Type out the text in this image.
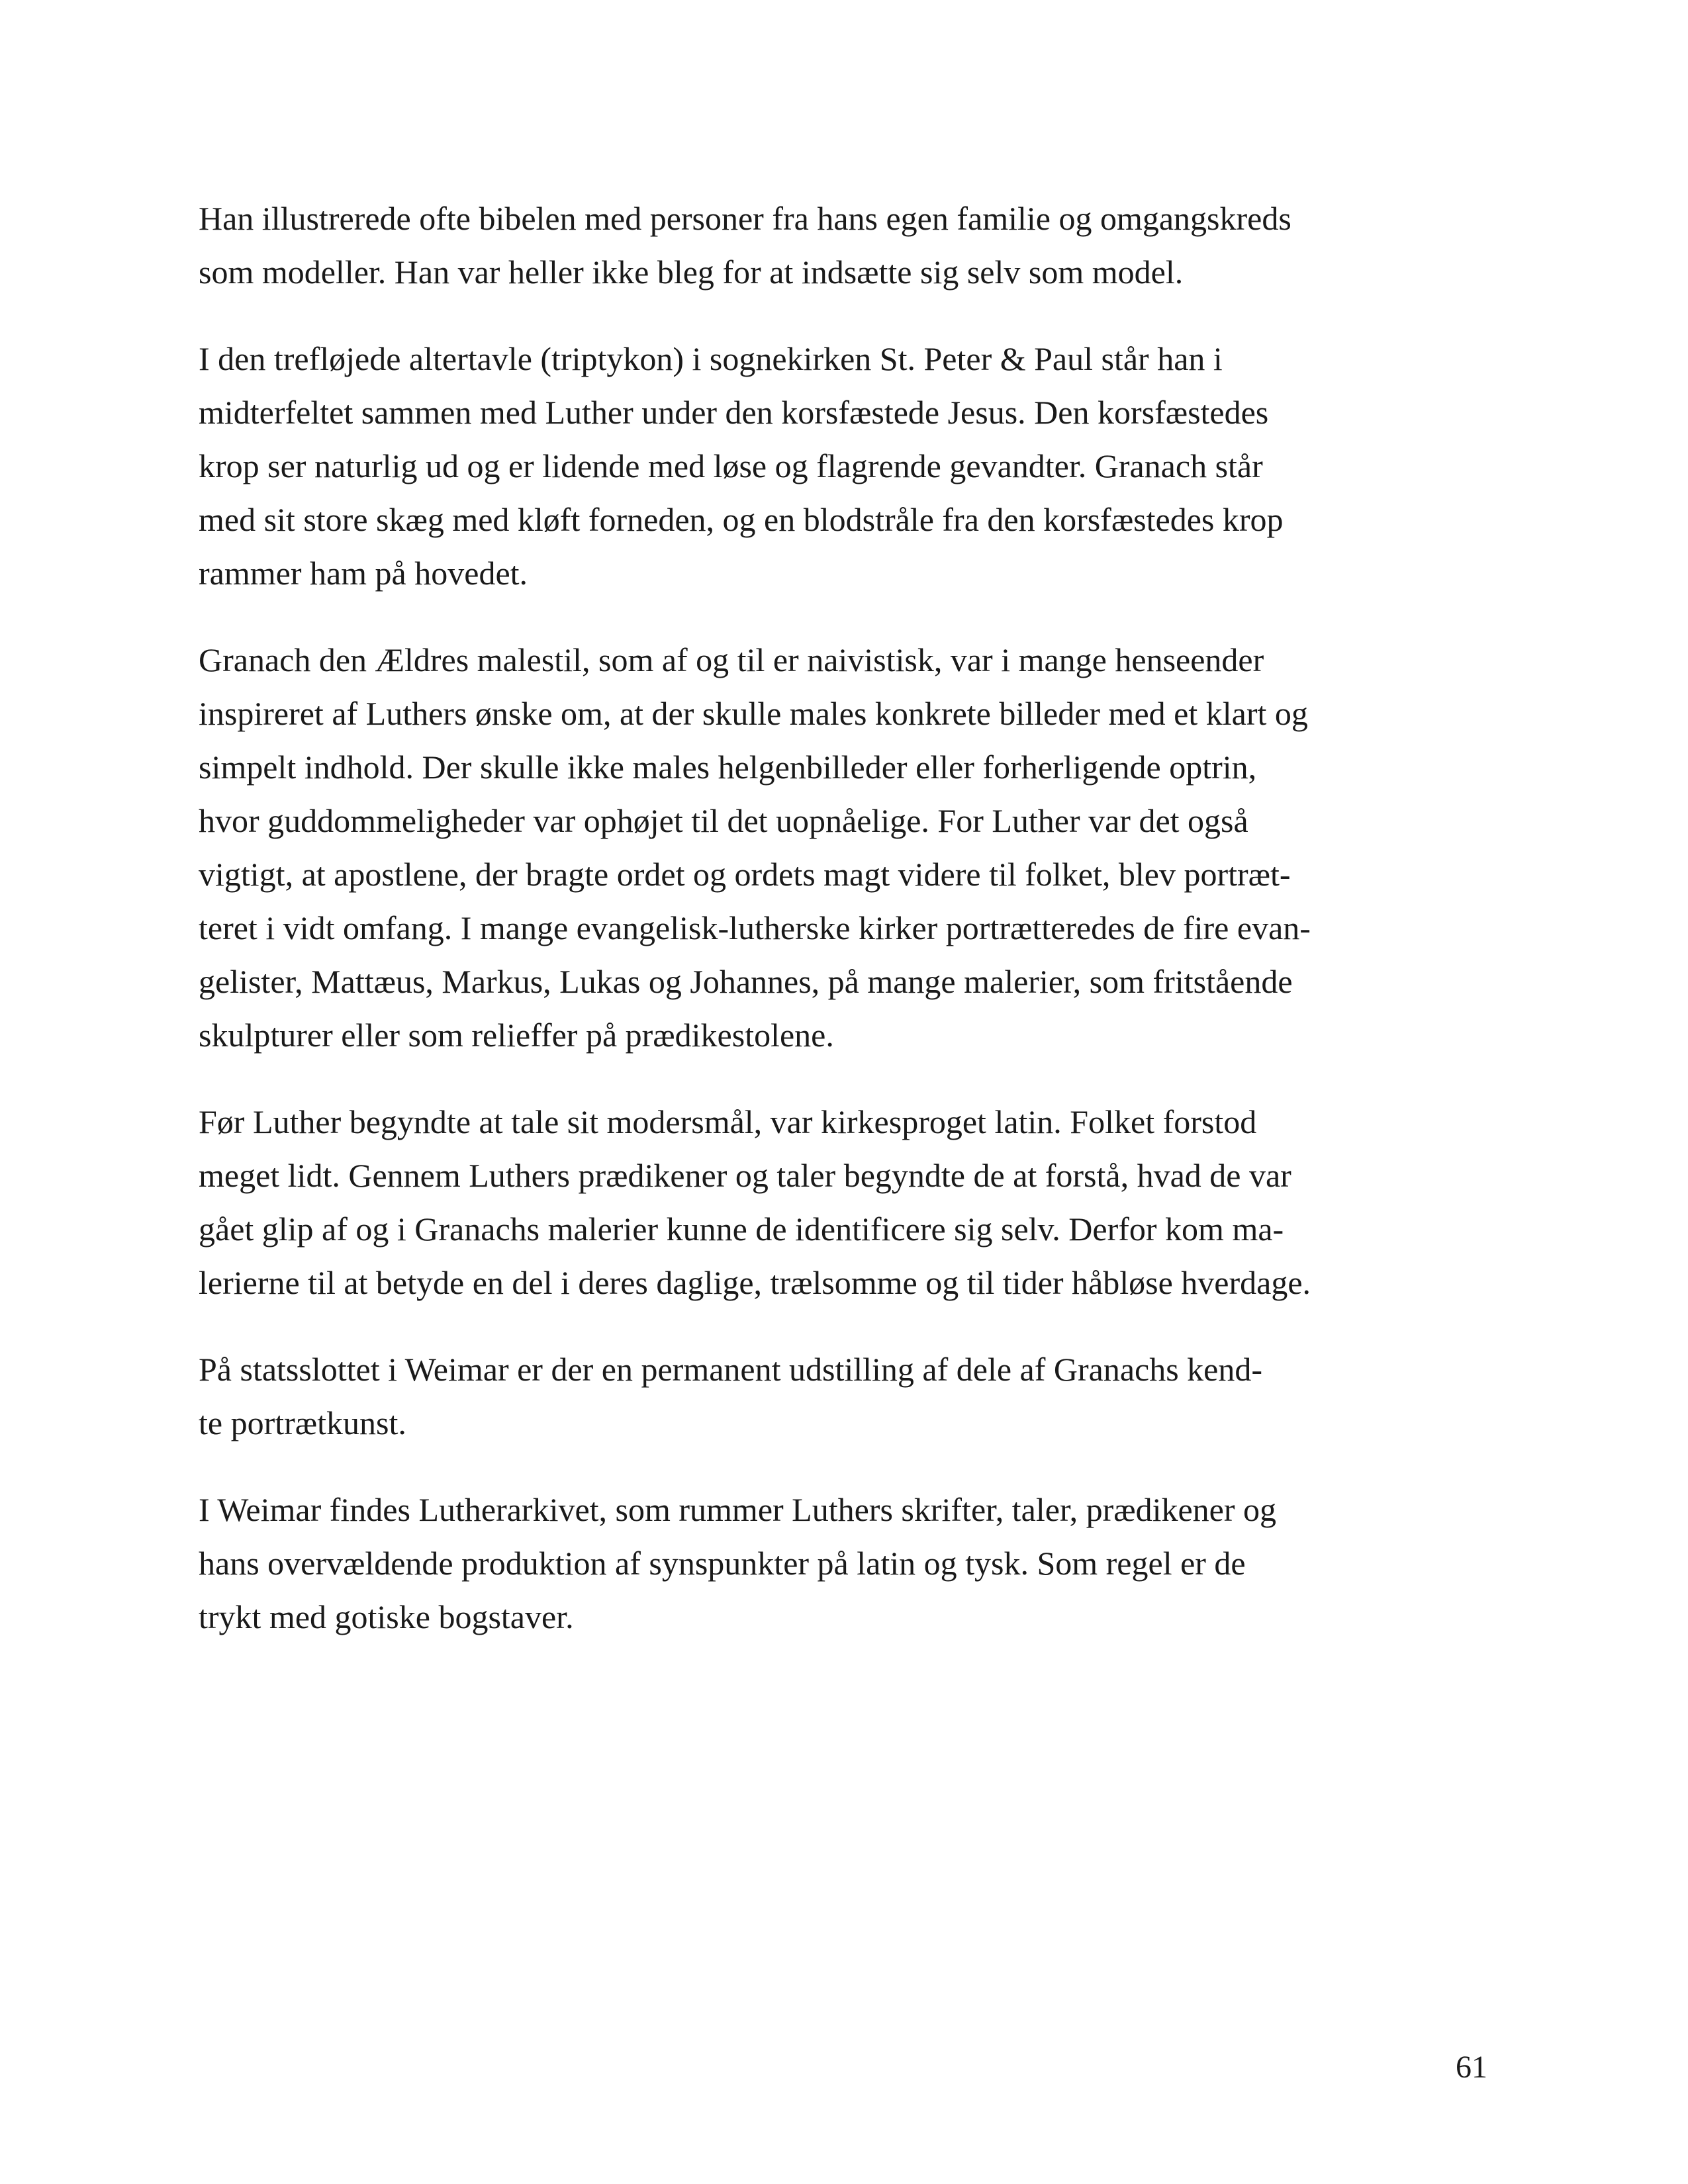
Han illustrerede ofte bibelen med personer fra hans egen familie og omgangskreds
som modeller. Han var heller ikke bleg for at indsætte sig selv som model.

I den trefløjede altertavle (triptykon) i sognekirken St. Peter & Paul står han i
midterfeltet sammen med Luther under den korsfæstede Jesus. Den korsfæstedes
krop ser naturlig ud og er lidende med løse og flagrende gevandter. Granach står
med sit store skæg med kløft forneden, og en blodstråle fra den korsfæstedes krop
rammer ham på hovedet.

Granach den Ældres malestil, som af og til er naivistisk, var i mange henseender
inspireret af Luthers ønske om, at der skulle males konkrete billeder med et klart og
simpelt indhold. Der skulle ikke males helgenbilleder eller forherligende optrin,
hvor guddommeligheder var ophøjet til det uopnåelige. For Luther var det også
vigtigt, at apostlene, der bragte ordet og ordets magt videre til folket, blev portræt-
teret i vidt omfang. I mange evangelisk-lutherske kirker portrætteredes de fire evan-
gelister, Mattæus, Markus, Lukas og Johannes, på mange malerier, som fritstående
skulpturer eller som relieffer på prædikestolene.

Før Luther begyndte at tale sit modersmål, var kirkesproget latin. Folket forstod
meget lidt. Gennem Luthers prædikener og taler begyndte de at forstå, hvad de var
gået glip af og i Granachs malerier kunne de identificere sig selv. Derfor kom ma-
lerierne til at betyde en del i deres daglige, trælsomme og til tider håbløse hverdage.

På statsslottet i Weimar er der en permanent udstilling af dele af Granachs kend-
te portrætkunst.

I Weimar findes Lutherarkivet, som rummer Luthers skrifter, taler, prædikener og
hans overvældende produktion af synspunkter på latin og tysk. Som regel er de
trykt med gotiske bogstaver.

61
